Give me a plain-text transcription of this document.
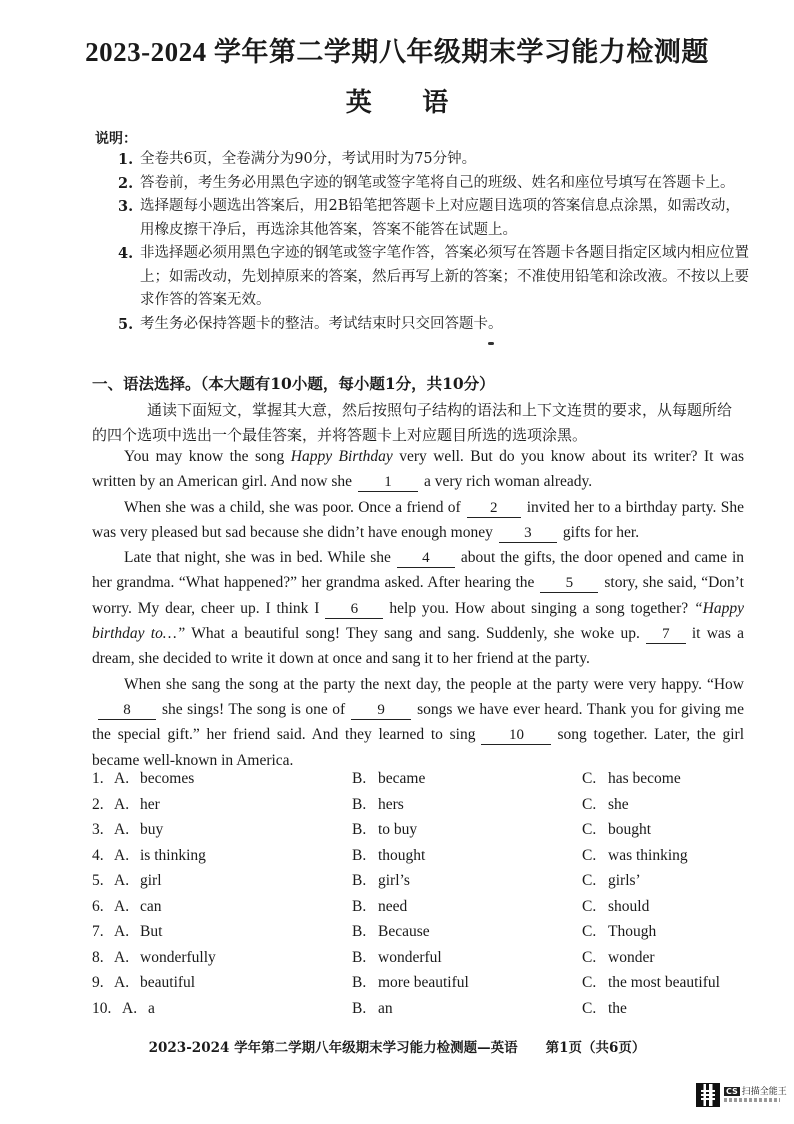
2023-2024 学年第二学期八年级期末学习能力检测题
英 语
说明：
1. 全卷共6页，全卷满分为90分，考试用时为75分钟。
2. 答卷前，考生务必用黑色字迹的钢笔或签字笔将自己的班级、姓名和座位号填写在答题卡上。
3. 选择题每小题选出答案后，用2B铅笔把答题卡上对应题目选项的答案信息点涂黑，如需改动，用橡皮擦干净后，再选涂其他答案，答案不能答在试题上。
4. 非选择题必须用黑色字迹的钢笔或签字笔作答，答案必须写在答题卡各题目指定区域内相应位置上；如需改动，先划掉原来的答案，然后再写上新的答案；不准使用铅笔和涂改液。不按以上要求作答的答案无效。
5. 考生务必保持答题卡的整洁。考试结束时只交回答题卡。
一、语法选择。（本大题有10小题，每小题1分，共10分）
通读下面短文，掌握其大意，然后按照句子结构的语法和上下文连贯的要求，从每题所给的四个选项中选出一个最佳答案，并将答题卡上对应题目所选的选项涂黑。

You may know the song Happy Birthday very well. But do you know about its writer? It was written by an American girl. And now she 1 a very rich woman already.

When she was a child, she was poor. Once a friend of 2 invited her to a birthday party. She was very pleased but sad because she didn’t have enough money 3 gifts for her.

Late that night, she was in bed. While she 4 about the gifts, the door opened and came in her grandma. “What happened?” her grandma asked. After hearing the 5 story, she said, “Don’t worry. My dear, cheer up. I think I 6 help you. How about singing a song together? “Happy birthday to…” What a beautiful song! They sang and sang. Suddenly, she woke up. 7 it was a dream, she decided to write it down at once and sang it to her friend at the party.

When she sang the song at the party the next day, the people at the party were very happy. “How8 she sings! The song is one of 9 songs we have ever heard. Thank you for giving me the special gift.” her friend said. And they learned to sing 10 song together. Later, the girl became well-known in America.

1. A. becomes	B. became	C. has become
2. A. her	B. hers	C. she
3. A. buy	B. to buy	C. bought
4. A. is thinking	B. thought	C. was thinking
5. A. girl	B. girl’s	C. girls’
6. A. can	B. need	C. should
7. A. But	B. Because	C. Though
8. A. wonderfully	B. wonderful	C. wonder
9. A. beautiful	B. more beautiful	C. the most beautiful
10. A. a	B. an	C. the
2023-2024 学年第二学期八年级期末学习能力检测题—英语 第1页（共6页）
CS 扫描全能王
